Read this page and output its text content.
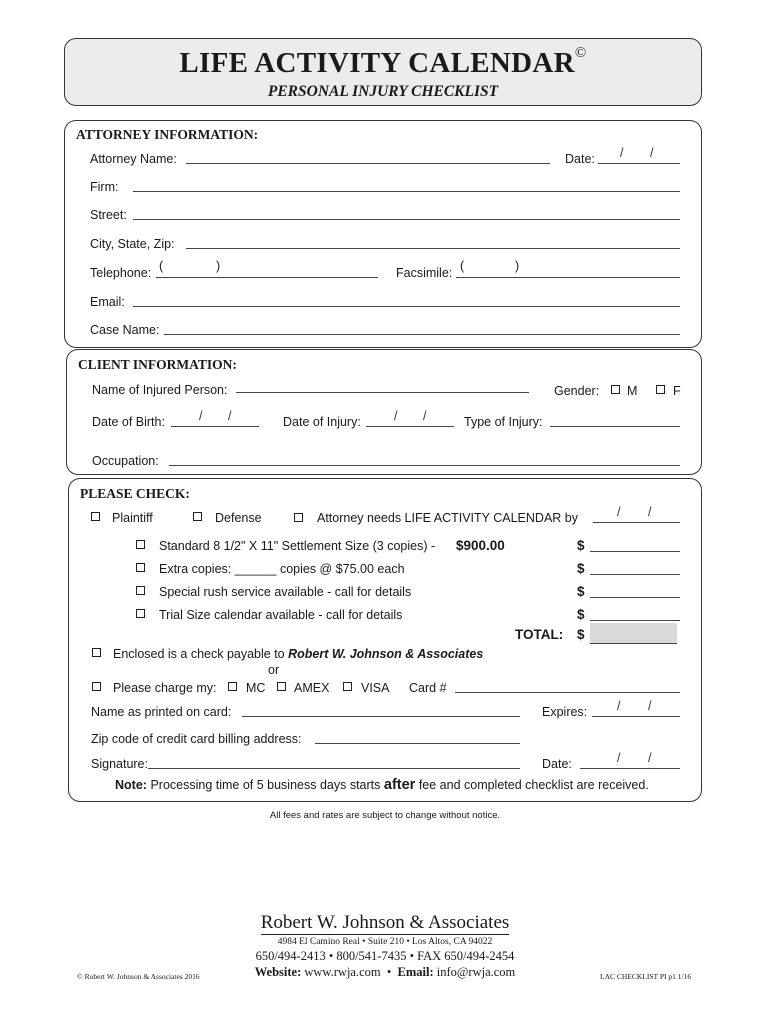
LIFE ACTIVITY CALENDAR©
PERSONAL INJURY CHECKLIST
ATTORNEY INFORMATION:
Attorney Name:	Date: / /
Firm:
Street:
City, State, Zip:
Telephone: (	)	Facsimile: (	)
Email:
Case Name:
CLIENT INFORMATION:
Name of Injured Person:	Gender: M	F
Date of Birth:	/ /	Date of Injury:	/ /	Type of Injury:
Occupation:
PLEASE CHECK:
Plaintiff	Defense	Attorney needs LIFE ACTIVITY CALENDAR by	/ /
Standard 8 1/2" X 11" Settlement Size (3 copies) - $900.00	$
Extra copies: ______ copies @ $75.00 each	$
Special rush service available - call for details	$
Trial Size calendar available - call for details	$
TOTAL: $
Enclosed is a check payable to Robert W. Johnson & Associates
or
Please charge my: MC AMEX	VISA Card #
Name as printed on card:	Expires: / /
Zip code of credit card billing address:
Signature:	Date:	/ /
Note: Processing time of 5 business days starts after fee and completed checklist are received.
All fees and rates are subject to change without notice.
Robert W. Johnson & Associates
4984 El Camino Real • Suite 210 • Los Altos, CA 94022
650/494-2413 • 800/541-7435 • FAX 650/494-2454
Website: www.rwja.com  •  Email: info@rwja.com
© Robert W. Johnson & Associates 2016	LAC CHECKLIST PI p1 1/16
